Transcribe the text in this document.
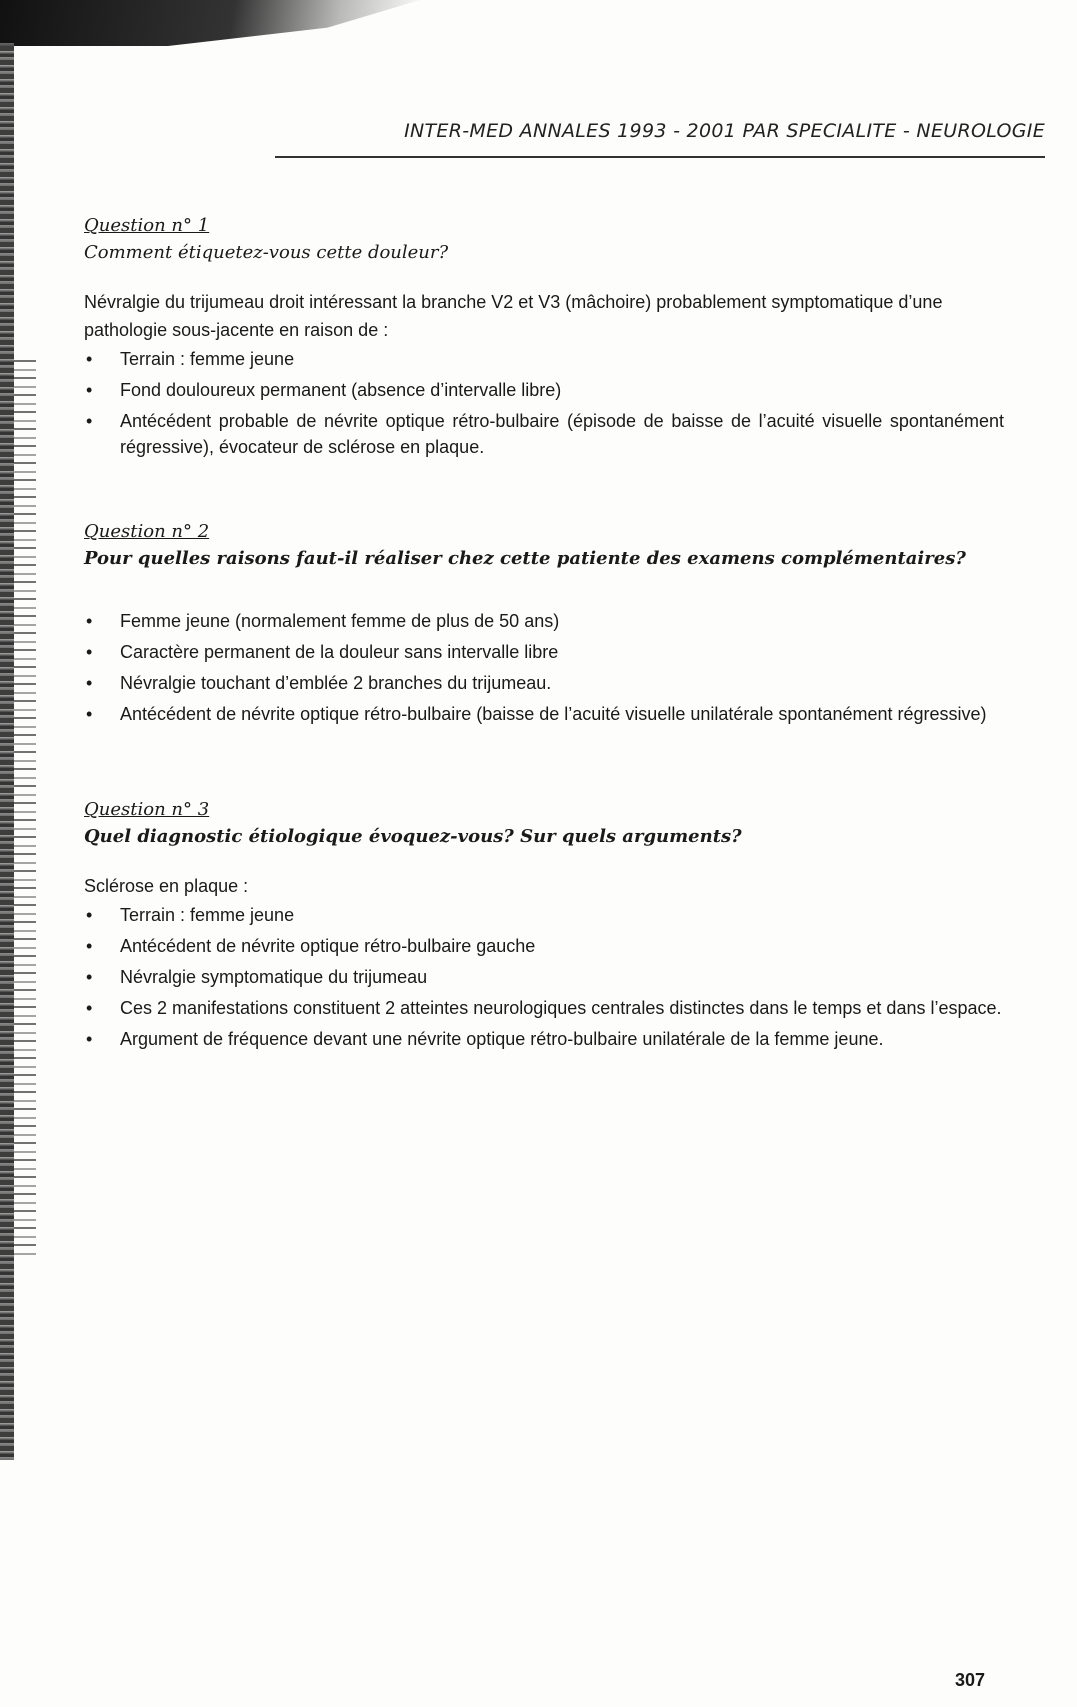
INTER-MED ANNALES 1993 - 2001 PAR SPECIALITE - NEUROLOGIE

Question n° 1

Comment étiquetez-vous cette douleur?

Névralgie du trijumeau droit intéressant la branche V2 et V3 (mâchoire) probablement symptomatique d’une pathologie sous-jacente en raison de :

• Terrain : femme jeune
• Fond douloureux permanent (absence d’intervalle libre)
• Antécédent probable de névrite optique rétro-bulbaire (épisode de baisse de l’acuité visuelle spontanément régressive), évocateur de sclérose en plaque.

Question n° 2

Pour quelles raisons faut-il réaliser chez cette patiente des examens complémentaires?

• Femme jeune (normalement femme de plus de 50 ans)
• Caractère permanent de la douleur sans intervalle libre
• Névralgie touchant d’emblée 2 branches du trijumeau.
• Antécédent de névrite optique rétro-bulbaire (baisse de l’acuité visuelle unilatérale spontanément régressive)

Question n° 3

Quel diagnostic étiologique évoquez-vous? Sur quels arguments?

Sclérose en plaque :

• Terrain : femme jeune
• Antécédent de névrite optique rétro-bulbaire gauche
• Névralgie symptomatique du trijumeau
• Ces 2 manifestations constituent 2 atteintes neurologiques centrales distinctes dans le temps et dans l’espace.
• Argument de fréquence devant une névrite optique rétro-bulbaire unilatérale de la femme jeune.
307
